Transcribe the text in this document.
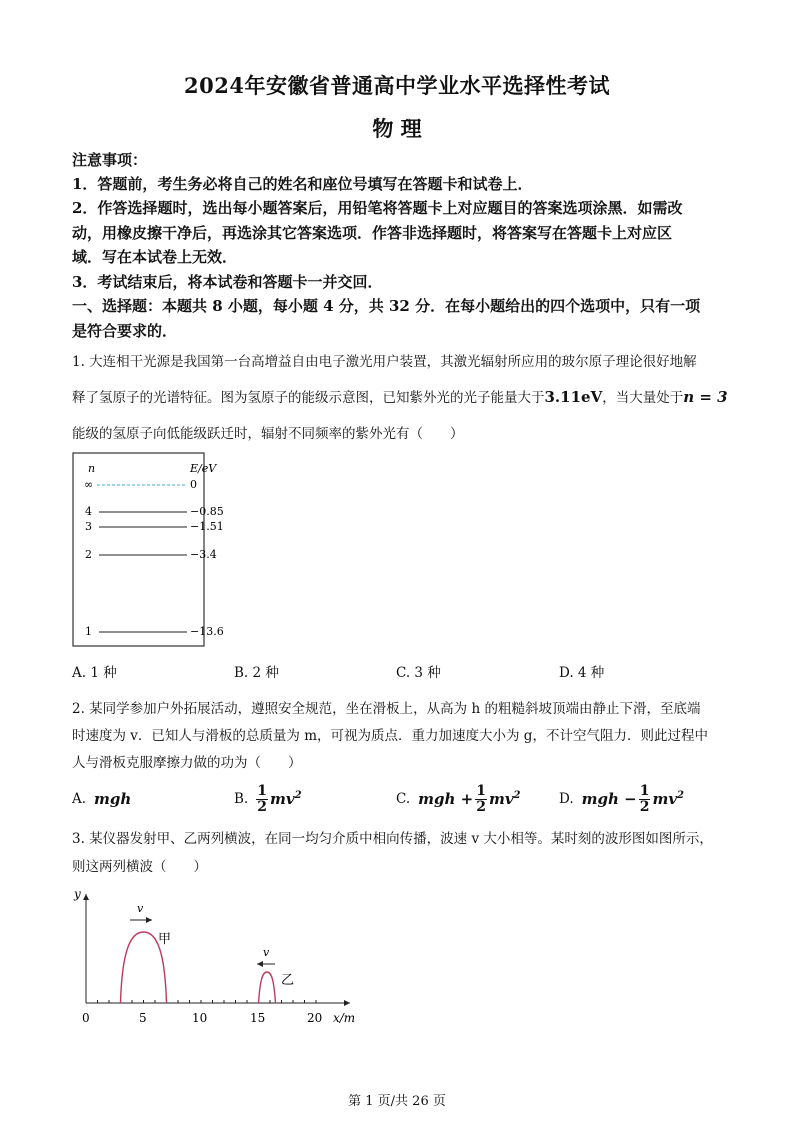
2024年安徽省普通高中学业水平选择性考试
物 理
注意事项：
1．答题前，考生务必将自己的姓名和座位号填写在答题卡和试卷上．
2．作答选择题时，选出每小题答案后，用铅笔将答题卡上对应题目的答案选项涂黑．如需改
动，用橡皮擦干净后，再选涂其它答案选项．作答非选择题时，将答案写在答题卡上对应区
域．写在本试卷上无效．
3．考试结束后，将本试卷和答题卡一并交回．
一、选择题：本题共 8 小题，每小题 4 分，共 32 分．在每小题给出的四个选项中，只有一项
是符合要求的．
1. 大连相干光源是我国第一台高增益自由电子激光用户装置，其激光辐射所应用的玻尔原子理论很好地解
释了氢原子的光谱特征。图为氢原子的能级示意图，已知紫外光的光子能量大于3.11eV，当大量处于n = 3
能级的氢原子向低能级跃迁时，辐射不同频率的紫外光有（　　）
n	E/eV
∞	0
4	−0.85
3	−1.51
2	−3.4
1	−13.6
A. 1 种	B. 2 种	C. 3 种	D. 4 种
2. 某同学参加户外拓展活动，遵照安全规范，坐在滑板上，从高为 h 的粗糙斜坡顶端由静止下滑，至底端
时速度为 v．已知人与滑板的总质量为 m，可视为质点．重力加速度大小为 g，不计空气阻力．则此过程中
人与滑板克服摩擦力做的功为（　　）
A. mgh	B. $\frac{1}{2} mv^2$	C. mgh + $\frac{1}{2} mv^2$	D. mgh − $\frac{1}{2} mv^2$
3. 某仪器发射甲、乙两列横波，在同一均匀介质中相向传播，波速 v 大小相等。某时刻的波形图如图所示，
则这两列横波（　　）
y
x/m
0	5	10	15	20
v
甲
v
乙
第 1 页/共 26 页
